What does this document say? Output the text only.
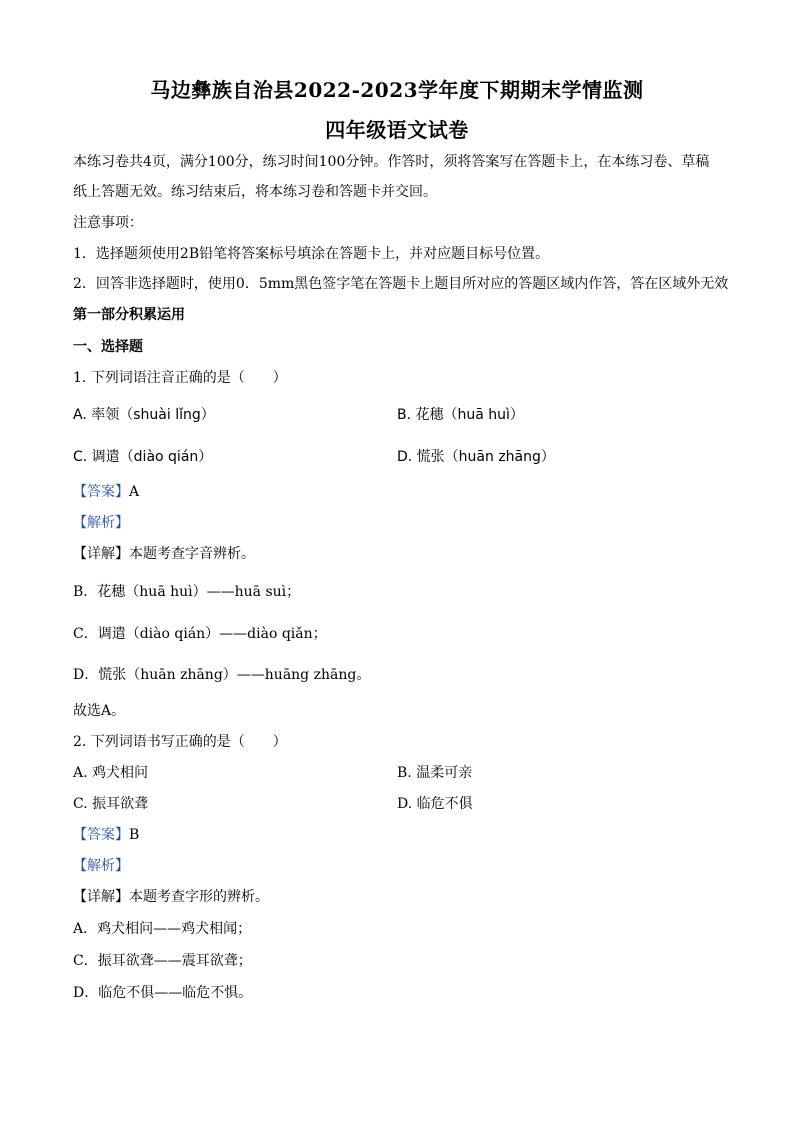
马边彝族自治县2022-2023学年度下期期末学情监测
四年级语文试卷
本练习卷共4页，满分100分，练习时间100分钟。作答时，须将答案写在答题卡上，在本练习卷、草稿
纸上答题无效。练习结束后，将本练习卷和答题卡并交回。
注意事项：
1．选择题须使用2B铅笔将答案标号填涂在答题卡上，并对应题目标号位置。
2．回答非选择题时，使用0．5mm黑色签字笔在答题卡上题目所对应的答题区域内作答，答在区域外无效
第一部分积累运用
一、选择题
1. 下列词语注音正确的是（　　）
A. 率领（shuài lǐng）	B. 花穗（huā huì）
C. 调遣（diào qián）	D. 慌张（huān zhāng）
【答案】A
【解析】
【详解】本题考查字音辨析。
B．花穗（huā huì）——huā suì；
C．调遣（diào qián）——diào qiǎn；
D．慌张（huān zhāng）——huāng zhāng。
故选A。
2. 下列词语书写正确的是（　　）
A. 鸡犬相问	B. 温柔可亲
C. 振耳欲聋	D. 临危不俱
【答案】B
【解析】
【详解】本题考查字形的辨析。
A．鸡犬相问——鸡犬相闻；
C．振耳欲聋——震耳欲聋；
D．临危不俱——临危不惧。
